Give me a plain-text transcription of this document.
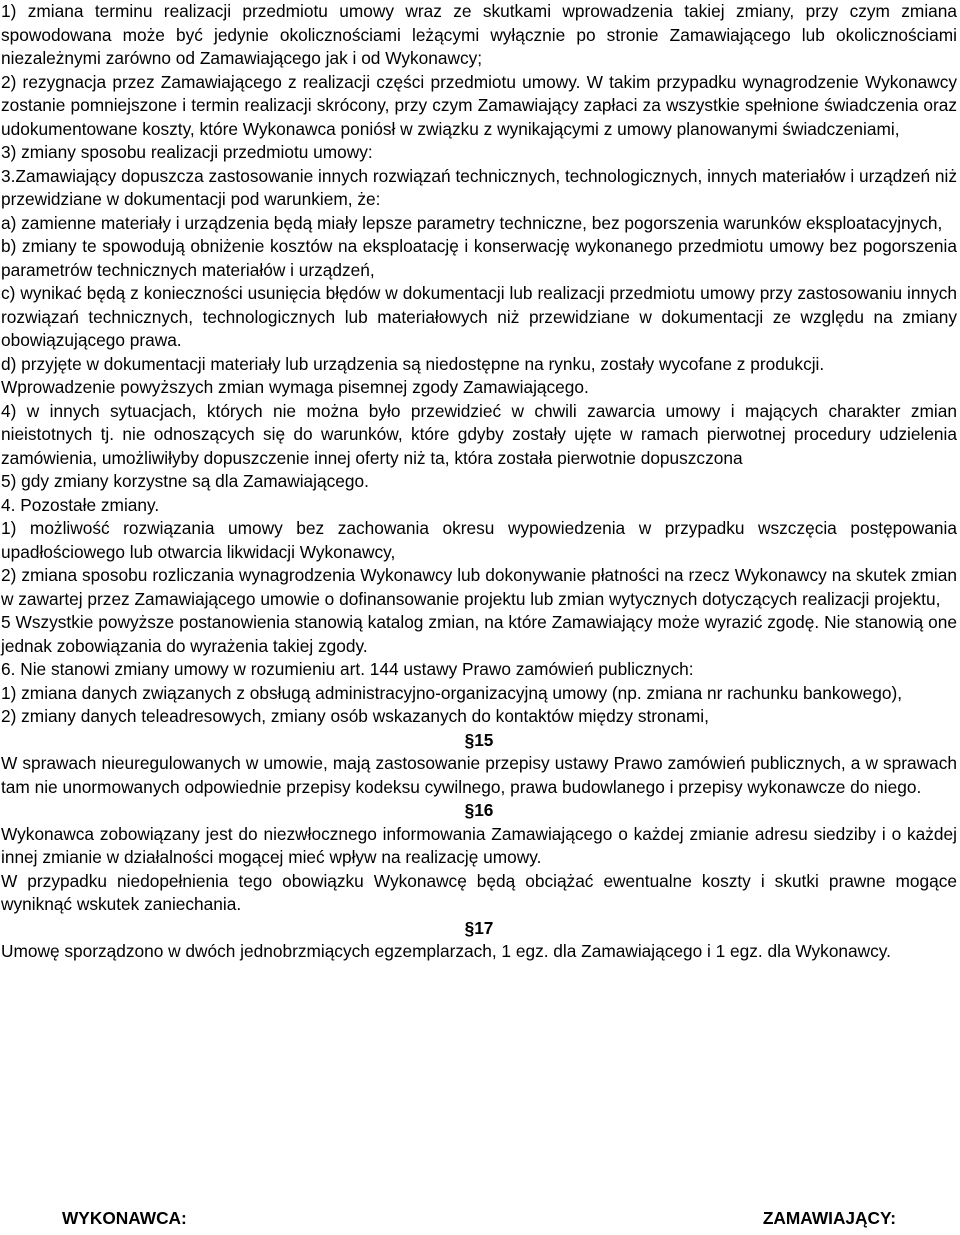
1) zmiana terminu realizacji przedmiotu umowy wraz ze skutkami wprowadzenia takiej zmiany, przy czym zmiana spowodowana może być jedynie okolicznościami leżącymi wyłącznie po stronie Zamawiającego lub okolicznościami niezależnymi zarówno od Zamawiającego jak i od Wykonawcy;

2) rezygnacja przez Zamawiającego z realizacji części przedmiotu umowy. W takim przypadku wynagrodzenie Wykonawcy zostanie pomniejszone i termin realizacji skrócony, przy czym Zamawiający zapłaci za wszystkie spełnione świadczenia oraz udokumentowane koszty, które Wykonawca poniósł w związku z wynikającymi z umowy planowanymi świadczeniami,

3) zmiany sposobu realizacji przedmiotu umowy:

3.Zamawiający dopuszcza zastosowanie innych rozwiązań technicznych, technologicznych, innych materiałów i urządzeń niż przewidziane w dokumentacji pod warunkiem, że:

a) zamienne materiały i urządzenia będą miały lepsze parametry techniczne, bez pogorszenia warunków eksploatacyjnych,

b) zmiany te spowodują obniżenie kosztów na eksploatację i konserwację wykonanego przedmiotu umowy bez pogorszenia parametrów technicznych materiałów i urządzeń,

c) wynikać będą z konieczności usunięcia błędów w dokumentacji lub realizacji przedmiotu umowy przy zastosowaniu innych rozwiązań technicznych, technologicznych lub materiałowych niż przewidziane w dokumentacji ze względu na zmiany obowiązującego prawa.

d) przyjęte w dokumentacji materiały lub urządzenia są niedostępne na rynku, zostały wycofane z produkcji.

Wprowadzenie powyższych zmian wymaga pisemnej zgody Zamawiającego.

4) w innych sytuacjach, których nie można było przewidzieć w chwili zawarcia umowy i mających charakter zmian nieistotnych tj. nie odnoszących się do warunków, które gdyby zostały ujęte w ramach pierwotnej procedury udzielenia zamówienia, umożliwiłyby dopuszczenie innej oferty niż ta, która została pierwotnie dopuszczona

5) gdy zmiany korzystne są dla Zamawiającego.

4. Pozostałe zmiany.

1) możliwość rozwiązania umowy bez zachowania okresu wypowiedzenia w przypadku wszczęcia postępowania upadłościowego lub otwarcia likwidacji Wykonawcy,

2) zmiana sposobu rozliczania wynagrodzenia Wykonawcy lub dokonywanie płatności na rzecz Wykonawcy na skutek zmian w zawartej przez Zamawiającego umowie o dofinansowanie projektu lub zmian wytycznych dotyczących realizacji projektu,

5 Wszystkie powyższe postanowienia stanowią katalog zmian, na które Zamawiający może wyrazić zgodę. Nie stanowią one jednak zobowiązania do wyrażenia takiej zgody.

6. Nie stanowi zmiany umowy w rozumieniu art. 144 ustawy Prawo zamówień publicznych:

1) zmiana danych związanych z obsługą administracyjno-organizacyjną umowy (np. zmiana nr rachunku bankowego),

2) zmiany danych teleadresowych, zmiany osób wskazanych do kontaktów między stronami,

§15

W sprawach nieuregulowanych w umowie, mają zastosowanie przepisy ustawy Prawo zamówień publicznych, a w sprawach tam nie unormowanych odpowiednie przepisy kodeksu cywilnego, prawa budowlanego i przepisy wykonawcze do niego.

§16

Wykonawca zobowiązany jest do niezwłocznego informowania Zamawiającego o każdej zmianie adresu siedziby i o każdej innej zmianie w działalności mogącej mieć wpływ na realizację umowy.

W przypadku niedopełnienia tego obowiązku Wykonawcę będą obciążać ewentualne koszty i skutki prawne mogące wyniknąć wskutek zaniechania.

§17

Umowę sporządzono w dwóch jednobrzmiących egzemplarzach, 1 egz. dla Zamawiającego i 1 egz. dla Wykonawcy.

WYKONAWCA:	ZAMAWIAJĄCY:
